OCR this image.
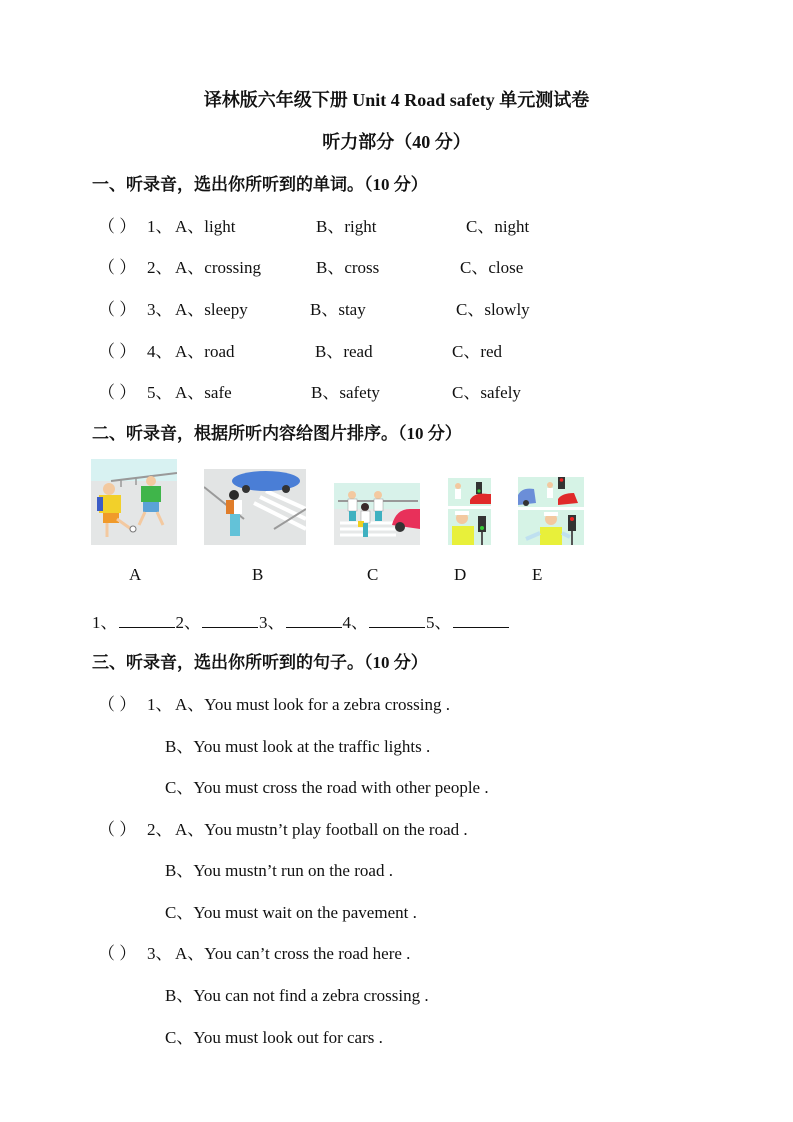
译林版六年级下册 Unit 4 Road safety 单元测试卷
听力部分（40 分）
一、听录音，选出你所听到的单词。（10 分）
（ ） 1、 A、light	B、right	C、night
（ ） 2、 A、crossing	B、cross	C、close
（ ） 3、 A、sleepy	B、stay	C、slowly
（ ） 4、 A、road	B、read	C、red
（ ） 5、 A、safe	B、safety	C、safely
二、听录音，根据所听内容给图片排序。（10 分）
A	B	C	D	E
1、	2、	3、	4、	5、
三、听录音，选出你所听到的句子。（10 分）
（ ） 1、 A、You must look for a zebra crossing .
B、You must look at the traffic lights .
C、You must cross the road with other people .
（ ） 2、 A、You mustn’t play football on the road .
B、You mustn’t run on the road .
C、You must wait on the pavement .
（ ） 3、 A、You can’t cross the road here .
B、You can not find a zebra crossing .
C、You must look out for cars .
